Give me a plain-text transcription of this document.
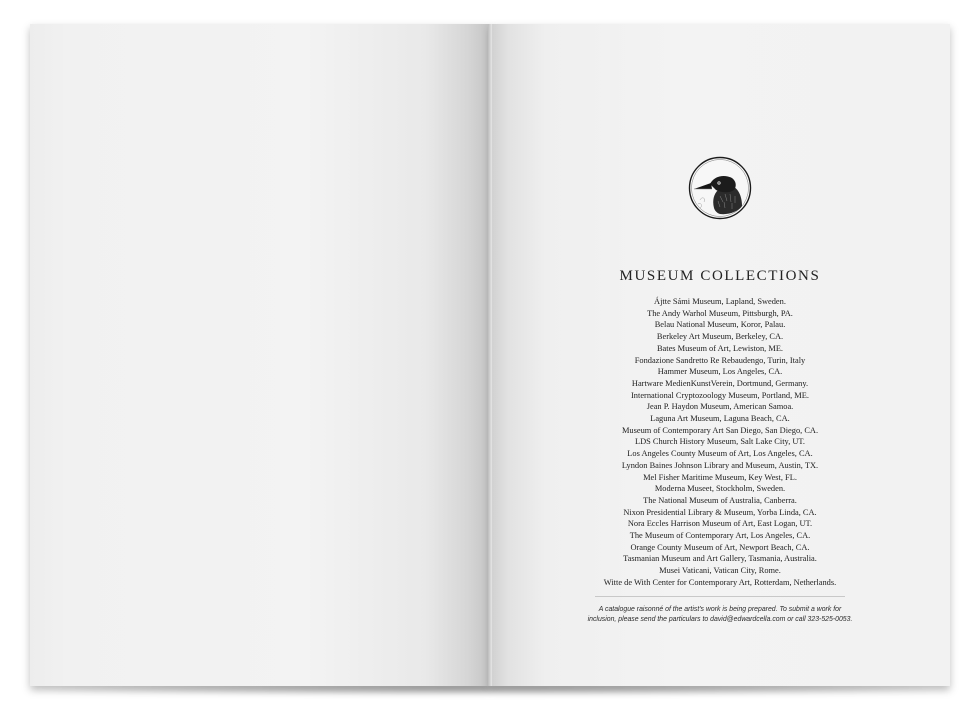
MUSEUM COLLECTIONS
Ájtte Sámi Museum, Lapland, Sweden.
The Andy Warhol Museum, Pittsburgh, PA.
Belau National Museum, Koror, Palau.
Berkeley Art Museum, Berkeley, CA.
Bates Museum of Art, Lewiston, ME.
Fondazione Sandretto Re Rebaudengo, Turin, Italy
Hammer Museum, Los Angeles, CA.
Hartware MedienKunstVerein, Dortmund, Germany.
International Cryptozoology Museum, Portland, ME.
Jean P. Haydon Museum, American Samoa.
Laguna Art Museum, Laguna Beach, CA.
Museum of Contemporary Art San Diego, San Diego, CA.
LDS Church History Museum, Salt Lake City, UT.
Los Angeles County Museum of Art, Los Angeles, CA.
Lyndon Baines Johnson Library and Museum, Austin, TX.
Mel Fisher Maritime Museum, Key West, FL.
Moderna Museet, Stockholm, Sweden.
The National Museum of Australia, Canberra.
Nixon Presidential Library & Museum, Yorba Linda, CA.
Nora Eccles Harrison Museum of Art, East Logan, UT.
The Museum of Contemporary Art, Los Angeles, CA.
Orange County Museum of Art, Newport Beach, CA.
Tasmanian Museum and Art Gallery, Tasmania, Australia.
Musei Vaticani, Vatican City, Rome.
Witte de With Center for Contemporary Art, Rotterdam, Netherlands.
A catalogue raisonné of the artist's work is being prepared. To submit a work for
inclusion, please send the particulars to david@edwardcella.com or call 323-525-0053.
